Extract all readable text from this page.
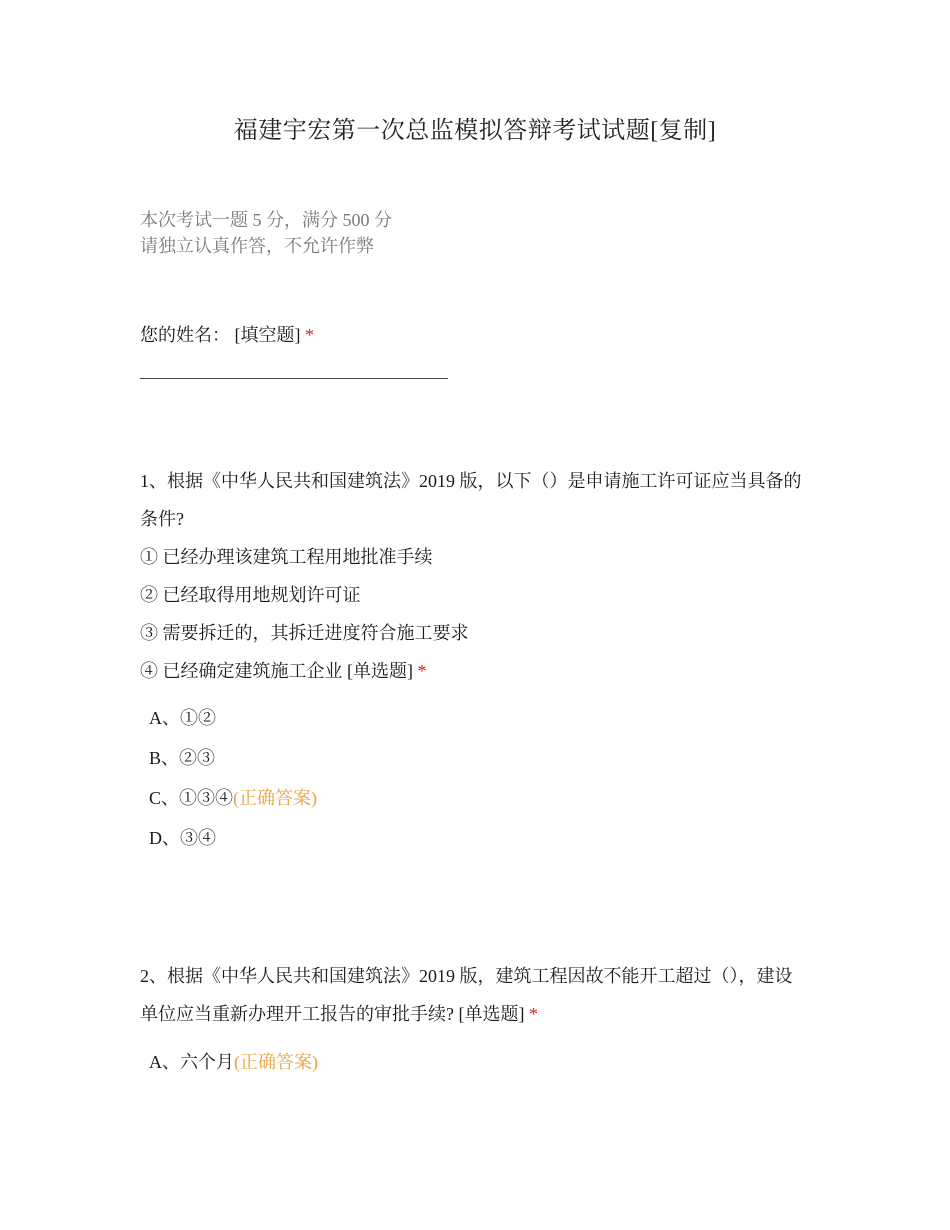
福建宇宏第一次总监模拟答辩考试试题[复制]
本次考试一题 5 分，满分 500 分
请独立认真作答，不允许作弊
您的姓名： [填空题] *
1、根据《中华人民共和国建筑法》2019 版，以下（）是申请施工许可证应当具备的条件?
① 已经办理该建筑工程用地批准手续
② 已经取得用地规划许可证
③ 需要拆迁的，其拆迁进度符合施工要求
④ 已经确定建筑施工企业 [单选题] *
A、①②
B、②③
C、①③④(正确答案)
D、③④
2、根据《中华人民共和国建筑法》2019 版，建筑工程因故不能开工超过（），建设单位应当重新办理开工报告的审批手续? [单选题] *
A、六个月(正确答案)
